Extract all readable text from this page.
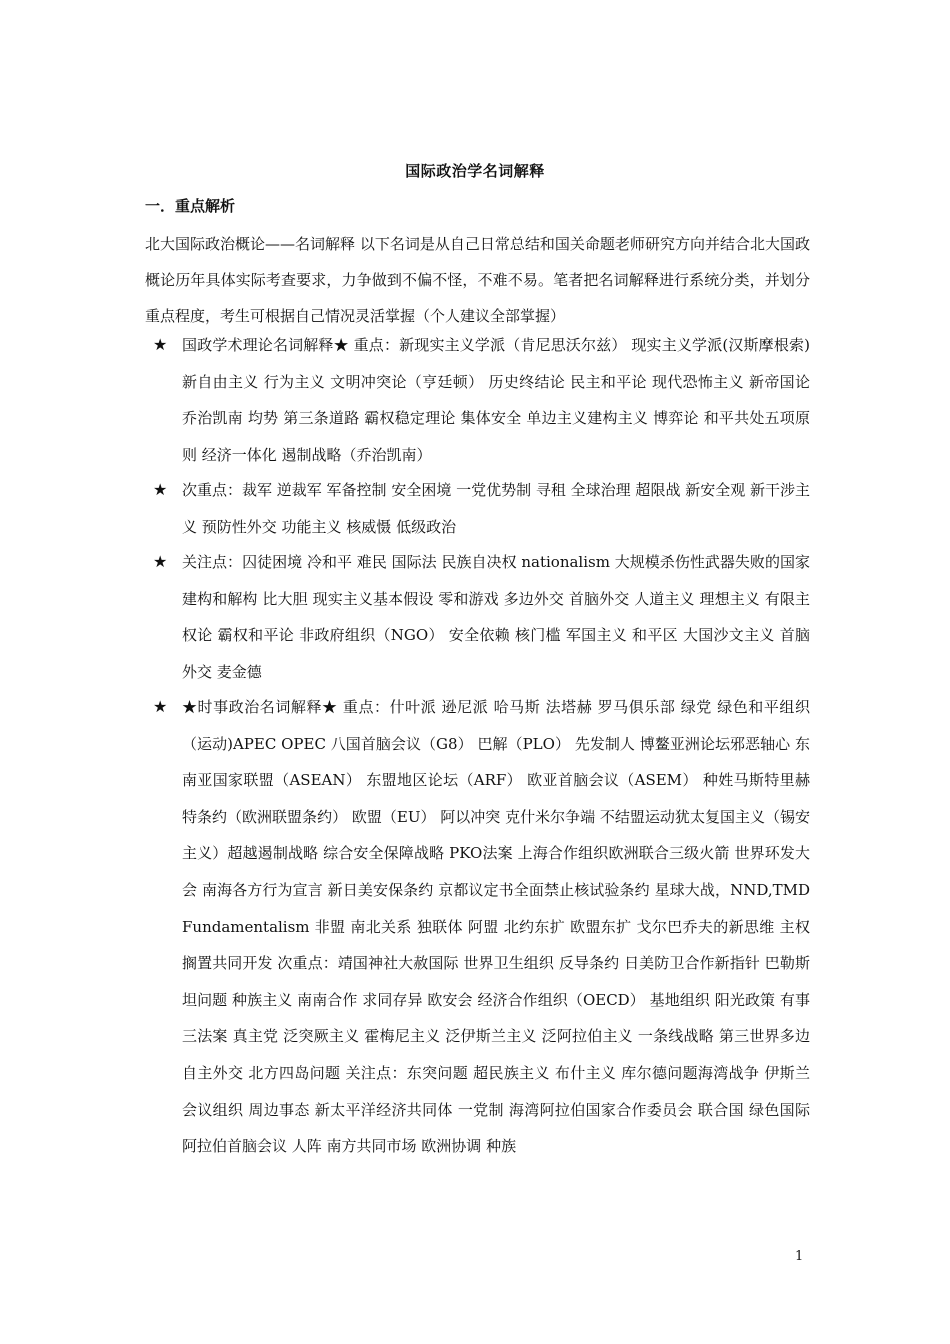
国际政治学名词解释
一．重点解析
北大国际政治概论——名词解释 以下名词是从自己日常总结和国关命题老师研究方向并结合北大国政概论历年具体实际考查要求，力争做到不偏不怪，不难不易。笔者把名词解释进行系统分类，并划分重点程度，考生可根据自己情况灵活掌握（个人建议全部掌握）
★ 国政学术理论名词解释★ 重点：新现实主义学派（肯尼思沃尔兹） 现实主义学派(汉斯摩根索) 新自由主义 行为主义 文明冲突论（亨廷顿） 历史终结论 民主和平论 现代恐怖主义 新帝国论 乔治凯南 均势 第三条道路 霸权稳定理论 集体安全 单边主义建构主义 博弈论 和平共处五项原则 经济一体化 遏制战略（乔治凯南）
★ 次重点：裁军 逆裁军 军备控制 安全困境 一党优势制 寻租 全球治理 超限战 新安全观 新干涉主义 预防性外交 功能主义 核威慑 低级政治
★ 关注点：囚徒困境 冷和平 难民 国际法 民族自决权 nationalism 大规模杀伤性武器失败的国家 建构和解构 比大胆 现实主义基本假设 零和游戏 多边外交 首脑外交 人道主义 理想主义 有限主权论 霸权和平论 非政府组织（NGO） 安全依赖 核门槛 军国主义 和平区 大国沙文主义 首脑外交 麦金德
★ ★时事政治名词解释★ 重点：什叶派 逊尼派 哈马斯 法塔赫 罗马俱乐部 绿党 绿色和平组织（运动)APEC OPEC 八国首脑会议（G8） 巴解（PLO） 先发制人 博鳌亚洲论坛邪恶轴心 东南亚国家联盟（ASEAN） 东盟地区论坛（ARF） 欧亚首脑会议（ASEM） 种姓马斯特里赫特条约（欧洲联盟条约） 欧盟（EU） 阿以冲突 克什米尔争端 不结盟运动犹太复国主义（锡安主义）超越遏制战略 综合安全保障战略 PKO法案 上海合作组织欧洲联合三级火箭 世界环发大会 南海各方行为宣言 新日美安保条约 京都议定书全面禁止核试验条约 星球大战，NND,TMD Fundamentalism 非盟 南北关系 独联体 阿盟 北约东扩 欧盟东扩 戈尔巴乔夫的新思维 主权搁置共同开发 次重点：靖国神社大赦国际 世界卫生组织 反导条约 日美防卫合作新指针 巴勒斯坦问题 种族主义 南南合作 求同存异 欧安会 经济合作组织（OECD） 基地组织 阳光政策 有事三法案 真主党 泛突厥主义 霍梅尼主义 泛伊斯兰主义 泛阿拉伯主义 一条线战略 第三世界多边自主外交 北方四岛问题 关注点：东突问题 超民族主义 布什主义 库尔德问题海湾战争 伊斯兰会议组织 周边事态 新太平洋经济共同体 一党制 海湾阿拉伯国家合作委员会 联合国 绿色国际 阿拉伯首脑会议 人阵 南方共同市场 欧洲协调 种族
1
